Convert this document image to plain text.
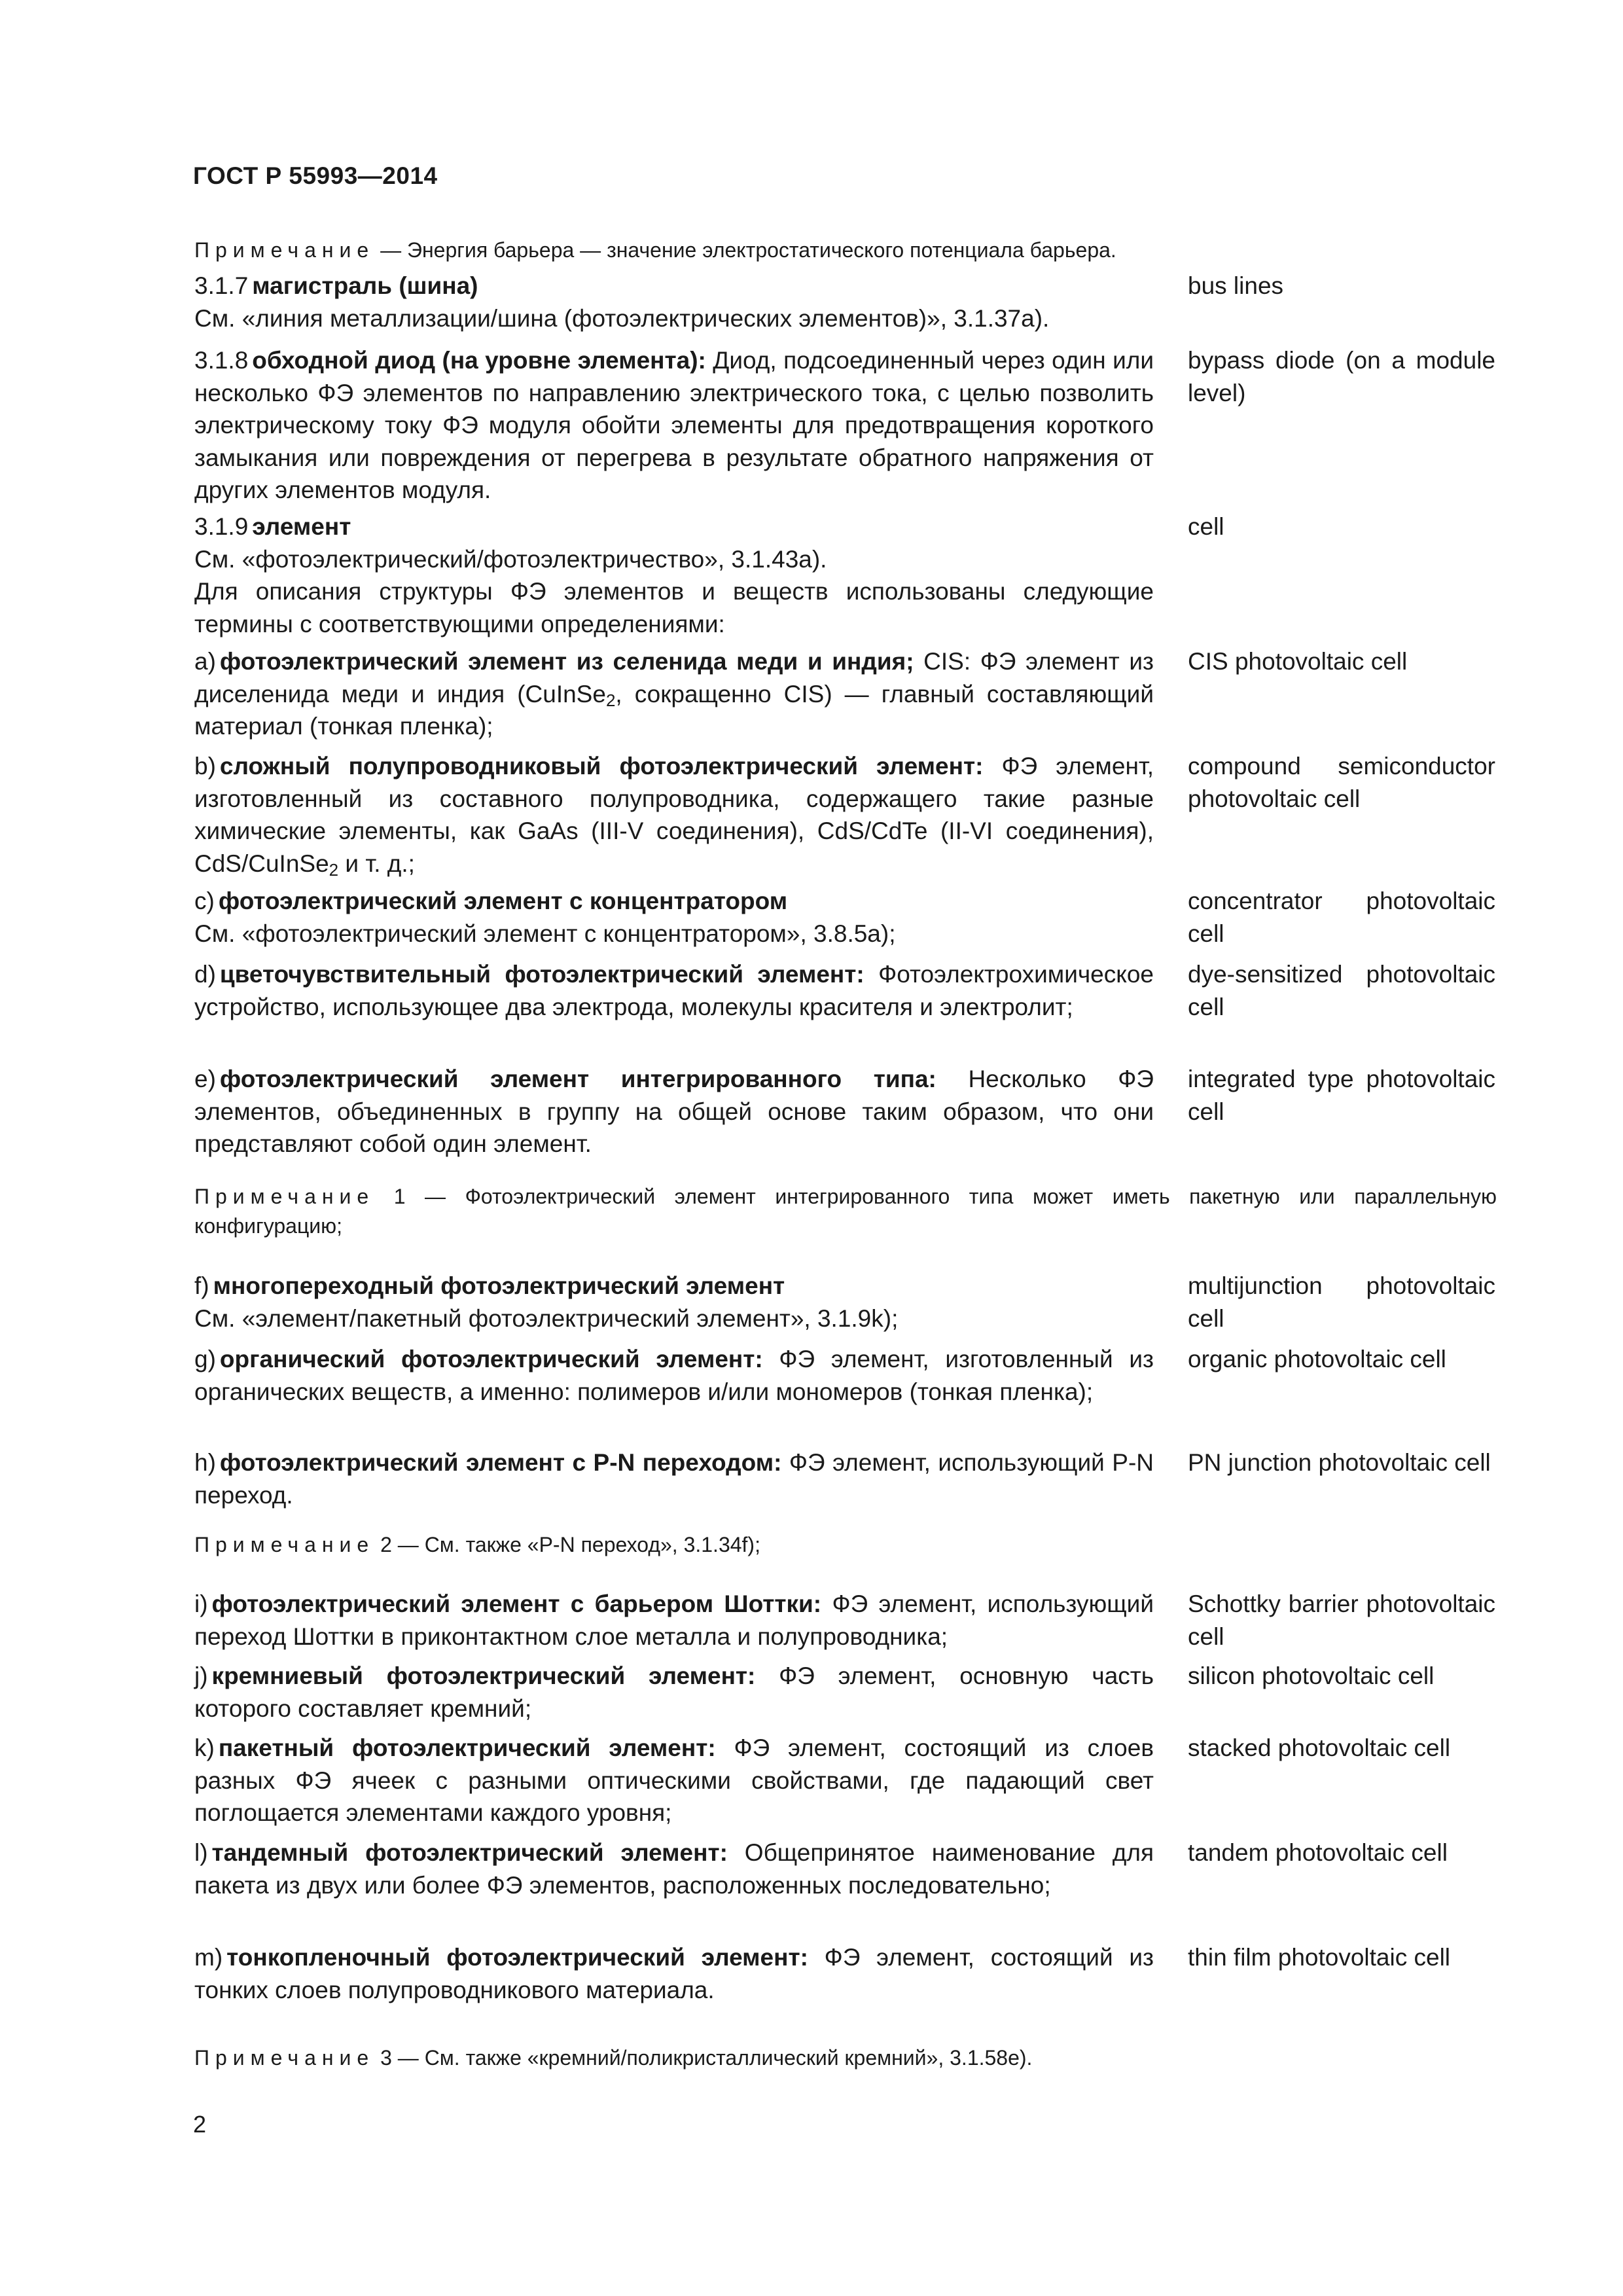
ГОСТ Р 55993—2014
Примечание — Энергия барьера — значение электростатического потенциала барьера.
3.1.7 магистраль (шина)
См. «линия металлизации/шина (фотоэлектрических элементов)», 3.1.37a).
bus lines
3.1.8 обходной диод (на уровне элемента): Диод, подсоединенный через один или несколько ФЭ элементов по направлению электрического тока, с целью позволить электрическому току ФЭ модуля обойти элементы для предотвращения короткого замыкания или повреждения от перегрева в результате обратного напряжения от других элементов модуля.
bypass diode (on a module level)
3.1.9 элемент
См. «фотоэлектрический/фотоэлектричество», 3.1.43a).
Для описания структуры ФЭ элементов и веществ использованы следующие термины с соответствующими определениями:
cell
a) фотоэлектрический элемент из селенида меди и индия; CIS: ФЭ элемент из диселенида меди и индия (CuInSe$_2$, сокращенно CIS) — главный составляющий материал (тонкая пленка);
CIS photovoltaic cell
b) сложный полупроводниковый фотоэлектрический элемент: ФЭ элемент, изготовленный из составного полупроводника, содержащего такие разные химические элементы, как GaAs (III-V соединения), CdS/CdTe (II-VI соединения), CdS/CuInSe$_2$ и т. д.;
compound semiconductor photovoltaic cell
c) фотоэлектрический элемент с концентратором
См. «фотоэлектрический элемент с концентратором», 3.8.5a);
concentrator photovoltaic cell
d) цветочувствительный фотоэлектрический элемент: Фотоэлектрохимическое устройство, использующее два электрода, молекулы красителя и электролит;
dye-sensitized photovoltaic cell
e) фотоэлектрический элемент интегрированного типа: Несколько ФЭ элементов, объединенных в группу на общей основе таким образом, что они представляют собой один элемент.
integrated type photovoltaic cell
Примечание 1 — Фотоэлектрический элемент интегрированного типа может иметь пакетную или параллельную конфигурацию;
f) многопереходный фотоэлектрический элемент
См. «элемент/пакетный фотоэлектрический элемент», 3.1.9k);
multijunction photovoltaic cell
g) органический фотоэлектрический элемент: ФЭ элемент, изготовленный из органических веществ, а именно: полимеров и/или мономеров (тонкая пленка);
organic photovoltaic cell
h) фотоэлектрический элемент с P-N переходом: ФЭ элемент, использующий P-N переход.
PN junction photovoltaic cell
Примечание 2 — См. также «P-N переход», 3.1.34f);
i) фотоэлектрический элемент с барьером Шоттки: ФЭ элемент, использующий переход Шоттки в приконтактном слое металла и полупроводника;
Schottky barrier photovoltaic cell
j) кремниевый фотоэлектрический элемент: ФЭ элемент, основную часть которого составляет кремний;
silicon photovoltaic cell
k) пакетный фотоэлектрический элемент: ФЭ элемент, состоящий из слоев разных ФЭ ячеек с разными оптическими свойствами, где падающий свет поглощается элементами каждого уровня;
stacked photovoltaic cell
l) тандемный фотоэлектрический элемент: Общепринятое наименование для пакета из двух или более ФЭ элементов, расположенных последовательно;
tandem photovoltaic cell
m) тонкопленочный фотоэлектрический элемент: ФЭ элемент, состоящий из тонких слоев полупроводникового материала.
thin film photovoltaic cell
Примечание 3 — См. также «кремний/поликристаллический кремний», 3.1.58e).
2
